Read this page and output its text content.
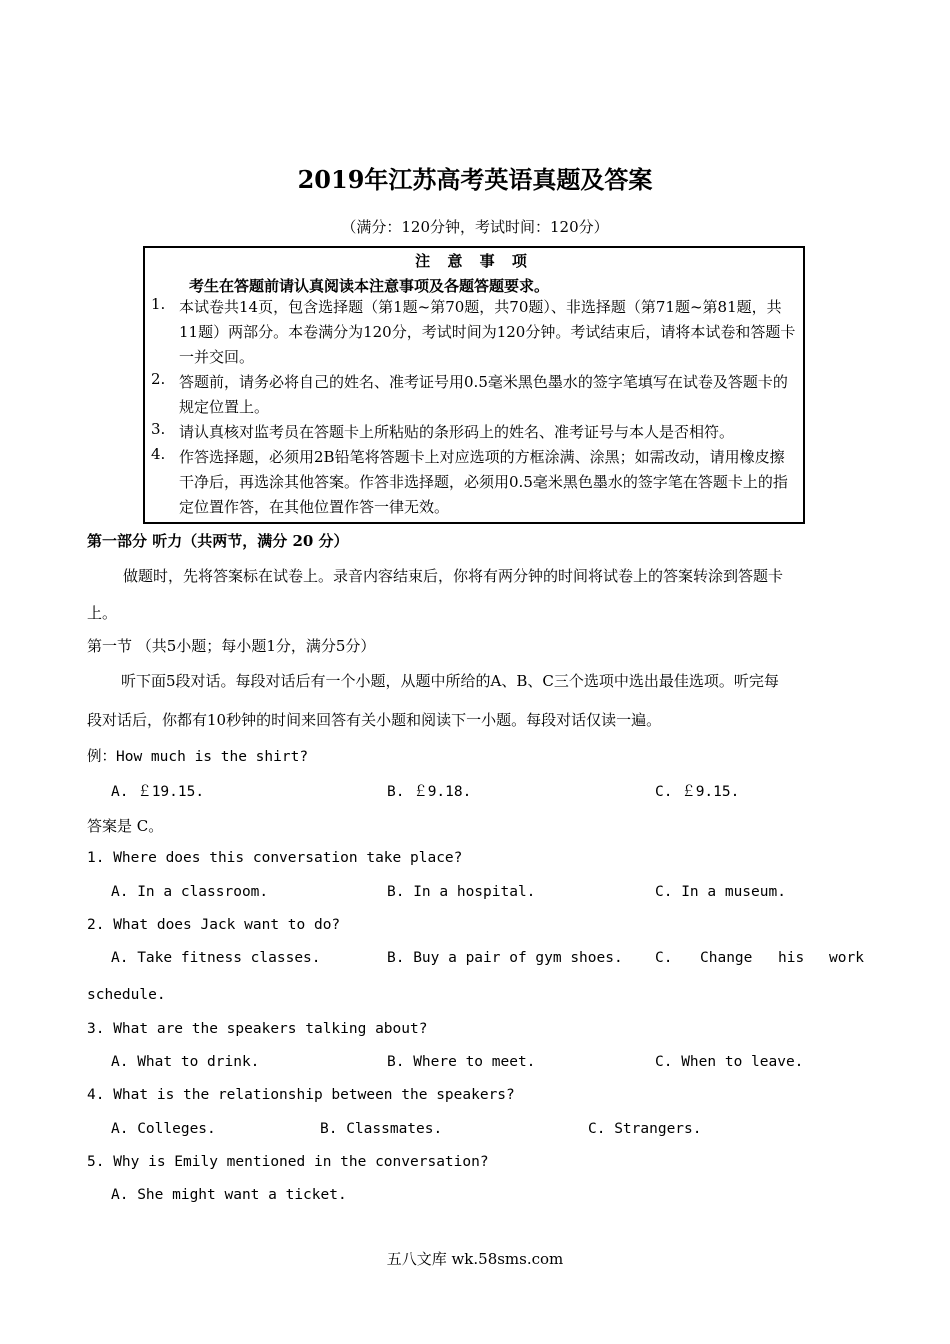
2019年江苏高考英语真题及答案
（满分：120分钟，考试时间：120分）
注 意 事 项
考生在答题前请认真阅读本注意事项及各题答题要求。
1. 本试卷共14页，包含选择题（第1题~第70题，共70题）、非选择题（第71题~第81题，共11题）两部分。本卷满分为120分，考试时间为120分钟。考试结束后，请将本试卷和答题卡一并交回。
2. 答题前，请务必将自己的姓名、准考证号用0.5毫米黑色墨水的签字笔填写在试卷及答题卡的规定位置上。
3. 请认真核对监考员在答题卡上所粘贴的条形码上的姓名、准考证号与本人是否相符。
4. 作答选择题，必须用2B铅笔将答题卡上对应选项的方框涂满、涂黑；如需改动，请用橡皮擦干净后，再选涂其他答案。作答非选择题，必须用0.5毫米黑色墨水的签字笔在答题卡上的指定位置作答，在其他位置作答一律无效。
第一部分 听力（共两节，满分 20 分）
做题时，先将答案标在试卷上。录音内容结束后，你将有两分钟的时间将试卷上的答案转涂到答题卡
上。
第一节 （共5小题；每小题1分，满分5分）
听下面5段对话。每段对话后有一个小题，从题中所给的A、B、C三个选项中选出最佳选项。听完每
段对话后，你都有10秒钟的时间来回答有关小题和阅读下一小题。每段对话仅读一遍。
例：How much is the shirt?
A. ￡19.15.	B. ￡9.18.	C. ￡9.15.
答案是 C。
1. Where does this conversation take place?
A. In a classroom.	B. In a hospital.	C. In a museum.
2. What does Jack want to do?
A. Take fitness classes.	B. Buy a pair of gym shoes. C. Change his work
schedule.
3. What are the speakers talking about?
A. What to drink.	B. Where to meet.	C. When to leave.
4. What is the relationship between the speakers?
A. Colleges.	B. Classmates.	C. Strangers.
5. Why is Emily mentioned in the conversation?
A. She might want a ticket.
五八文库 wk.58sms.com
